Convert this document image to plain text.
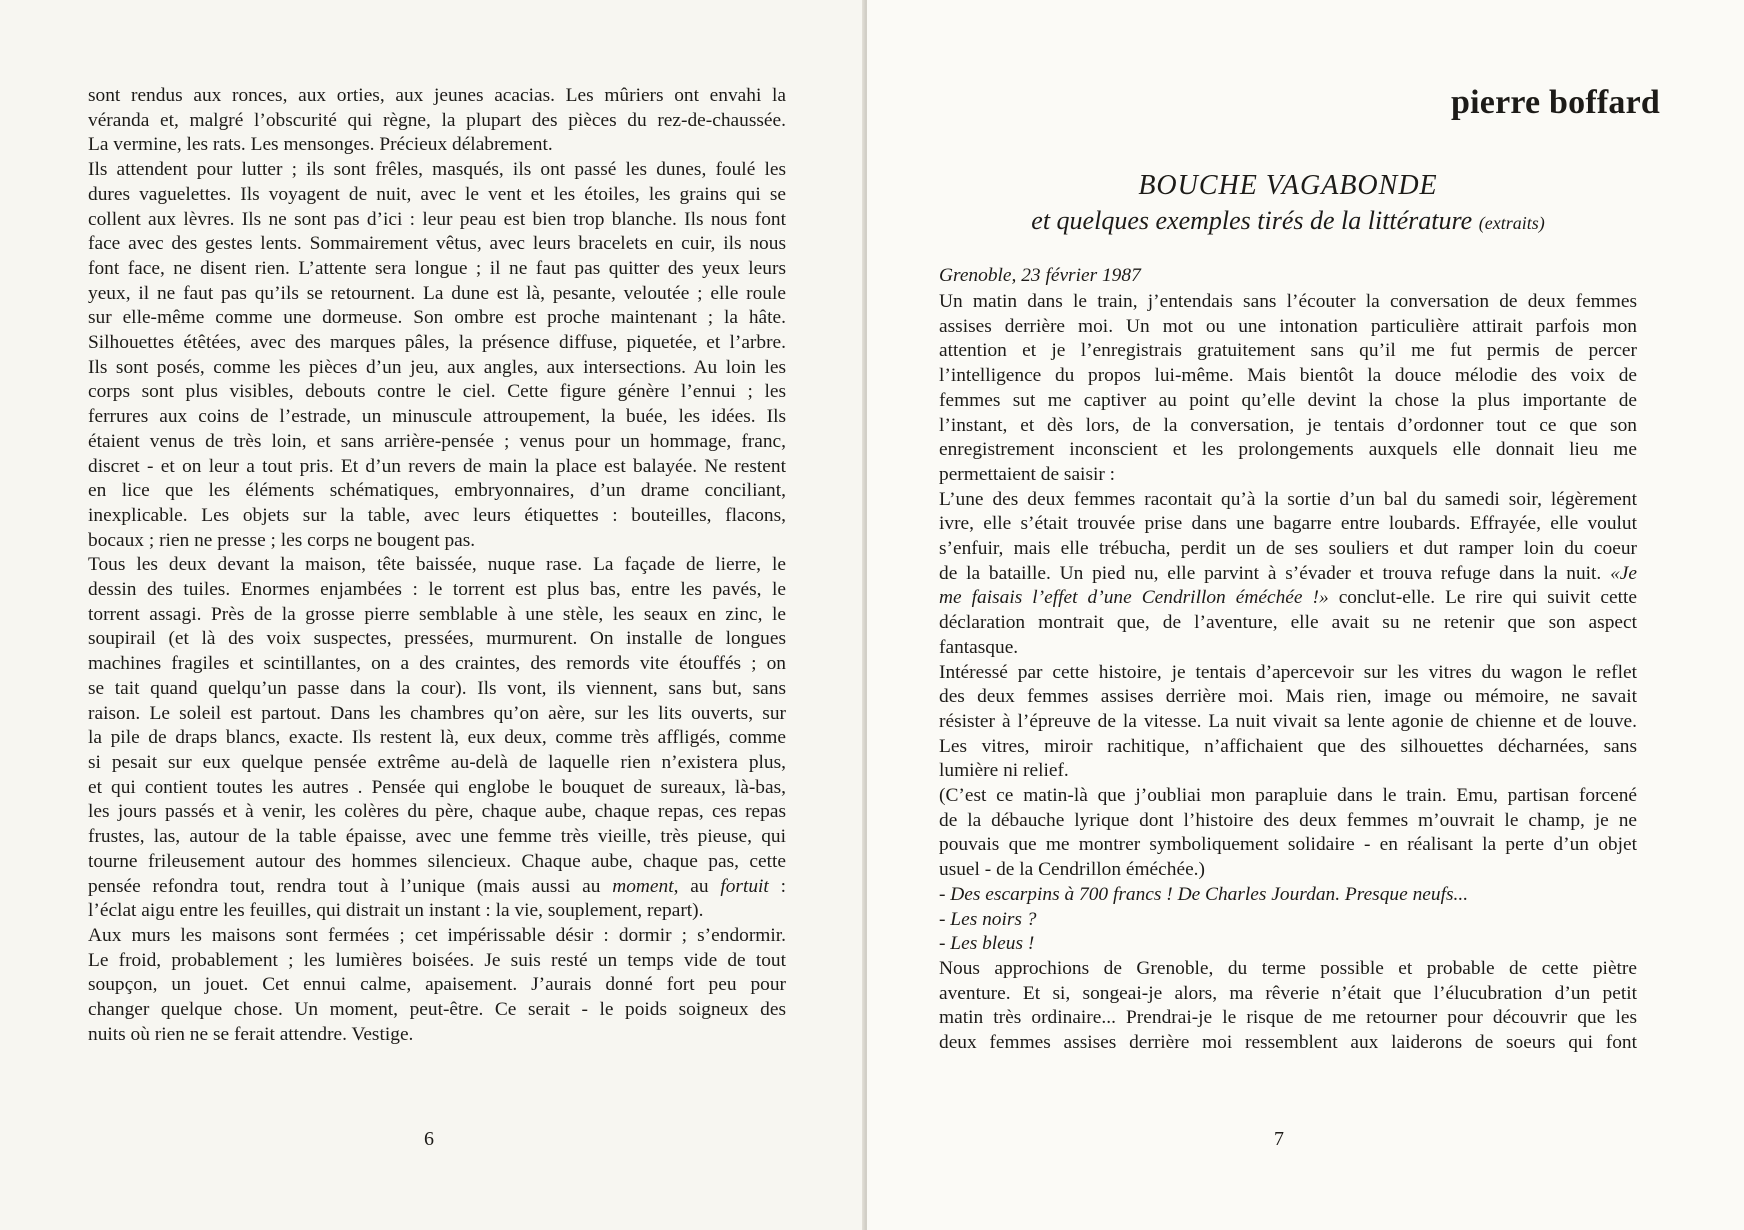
sont rendus aux ronces, aux orties, aux jeunes acacias. Les mûriers ont envahi la
véranda et, malgré l’obscurité qui règne, la plupart des pièces du rez-de-chaussée.
La vermine, les rats. Les mensonges. Précieux délabrement.
Ils attendent pour lutter ; ils sont frêles, masqués, ils ont passé les dunes, foulé les
dures vaguelettes. Ils voyagent de nuit, avec le vent et les étoiles, les grains qui se
collent aux lèvres. Ils ne sont pas d’ici : leur peau est bien trop blanche. Ils nous font
face avec des gestes lents. Sommairement vêtus, avec leurs bracelets en cuir, ils nous
font face, ne disent rien. L’attente sera longue ; il ne faut pas quitter des yeux leurs
yeux, il ne faut pas qu’ils se retournent. La dune est là, pesante, veloutée ; elle roule
sur elle-même comme une dormeuse. Son ombre est proche maintenant ; la hâte.
Silhouettes étêtées, avec des marques pâles, la présence diffuse, piquetée, et l’arbre.
Ils sont posés, comme les pièces d’un jeu, aux angles, aux intersections. Au loin les
corps sont plus visibles, debouts contre le ciel. Cette figure génère l’ennui ; les
ferrures aux coins de l’estrade, un minuscule attroupement, la buée, les idées. Ils
étaient venus de très loin, et sans arrière-pensée ; venus pour un hommage, franc,
discret - et on leur a tout pris. Et d’un revers de main la place est balayée. Ne restent
en lice que les éléments schématiques, embryonnaires, d’un drame conciliant,
inexplicable. Les objets sur la table, avec leurs étiquettes : bouteilles, flacons,
bocaux ; rien ne presse ; les corps ne bougent pas.
Tous les deux devant la maison, tête baissée, nuque rase. La façade de lierre, le
dessin des tuiles. Enormes enjambées : le torrent est plus bas, entre les pavés, le
torrent assagi. Près de la grosse pierre semblable à une stèle, les seaux en zinc, le
soupirail (et là des voix suspectes, pressées, murmurent. On installe de longues
machines fragiles et scintillantes, on a des craintes, des remords vite étouffés ; on
se tait quand quelqu’un passe dans la cour). Ils vont, ils viennent, sans but, sans
raison. Le soleil est partout. Dans les chambres qu’on aère, sur les lits ouverts, sur
la pile de draps blancs, exacte. Ils restent là, eux deux, comme très affligés, comme
si pesait sur eux quelque pensée extrême au-delà de laquelle rien n’existera plus,
et qui contient toutes les autres . Pensée qui englobe le bouquet de sureaux, là-bas,
les jours passés et à venir, les colères du père, chaque aube, chaque repas, ces repas
frustes, las, autour de la table épaisse, avec une femme très vieille, très pieuse, qui
tourne frileusement autour des hommes silencieux. Chaque aube, chaque pas, cette
pensée refondra tout, rendra tout à l’unique (mais aussi au moment, au fortuit :
l’éclat aigu entre les feuilles, qui distrait un instant : la vie, souplement, repart).
Aux murs les maisons sont fermées ; cet impérissable désir : dormir ; s’endormir.
Le froid, probablement ; les lumières boisées. Je suis resté un temps vide de tout
soupçon, un jouet. Cet ennui calme, apaisement. J’aurais donné fort peu pour
changer quelque chose. Un moment, peut-être. Ce serait - le poids soigneux des
nuits où rien ne se ferait attendre. Vestige.

6
pierre boffard
BOUCHE VAGABONDE
et quelques exemples tirés de la littérature (extraits)
Grenoble, 23 février 1987

Un matin dans le train, j’entendais sans l’écouter la conversation de deux femmes
assises derrière moi. Un mot ou une intonation particulière attirait parfois mon
attention et je l’enregistrais gratuitement sans qu’il me fut permis de percer
l’intelligence du propos lui-même. Mais bientôt la douce mélodie des voix de
femmes sut me captiver au point qu’elle devint la chose la plus importante de
l’instant, et dès lors, de la conversation, je tentais d’ordonner tout ce que son
enregistrement inconscient et les prolongements auxquels elle donnait lieu me
permettaient de saisir :
L’une des deux femmes racontait qu’à la sortie d’un bal du samedi soir, légèrement
ivre, elle s’était trouvée prise dans une bagarre entre loubards. Effrayée, elle voulut
s’enfuir, mais elle trébucha, perdit un de ses souliers et dut ramper loin du coeur
de la bataille. Un pied nu, elle parvint à s’évader et trouva refuge dans la nuit. «Je
me faisais l’effet d’une Cendrillon éméchée !» conclut-elle. Le rire qui suivit cette
déclaration montrait que, de l’aventure, elle avait su ne retenir que son aspect
fantasque.
Intéressé par cette histoire, je tentais d’apercevoir sur les vitres du wagon le reflet
des deux femmes assises derrière moi. Mais rien, image ou mémoire, ne savait
résister à l’épreuve de la vitesse. La nuit vivait sa lente agonie de chienne et de louve.
Les vitres, miroir rachitique, n’affichaient que des silhouettes décharnées, sans
lumière ni relief.
(C’est ce matin-là que j’oubliai mon parapluie dans le train. Emu, partisan forcené
de la débauche lyrique dont l’histoire des deux femmes m’ouvrait le champ, je ne
pouvais que me montrer symboliquement solidaire - en réalisant la perte d’un objet
usuel - de la Cendrillon éméchée.)
- Des escarpins à 700 francs ! De Charles Jourdan. Presque neufs...
- Les noirs ?
- Les bleus !
Nous approchions de Grenoble, du terme possible et probable de cette piètre
aventure. Et si, songeai-je alors, ma rêverie n’était que l’élucubration d’un petit
matin très ordinaire... Prendrai-je le risque de me retourner pour découvrir que les
deux femmes assises derrière moi ressemblent aux laiderons de soeurs qui font

7
